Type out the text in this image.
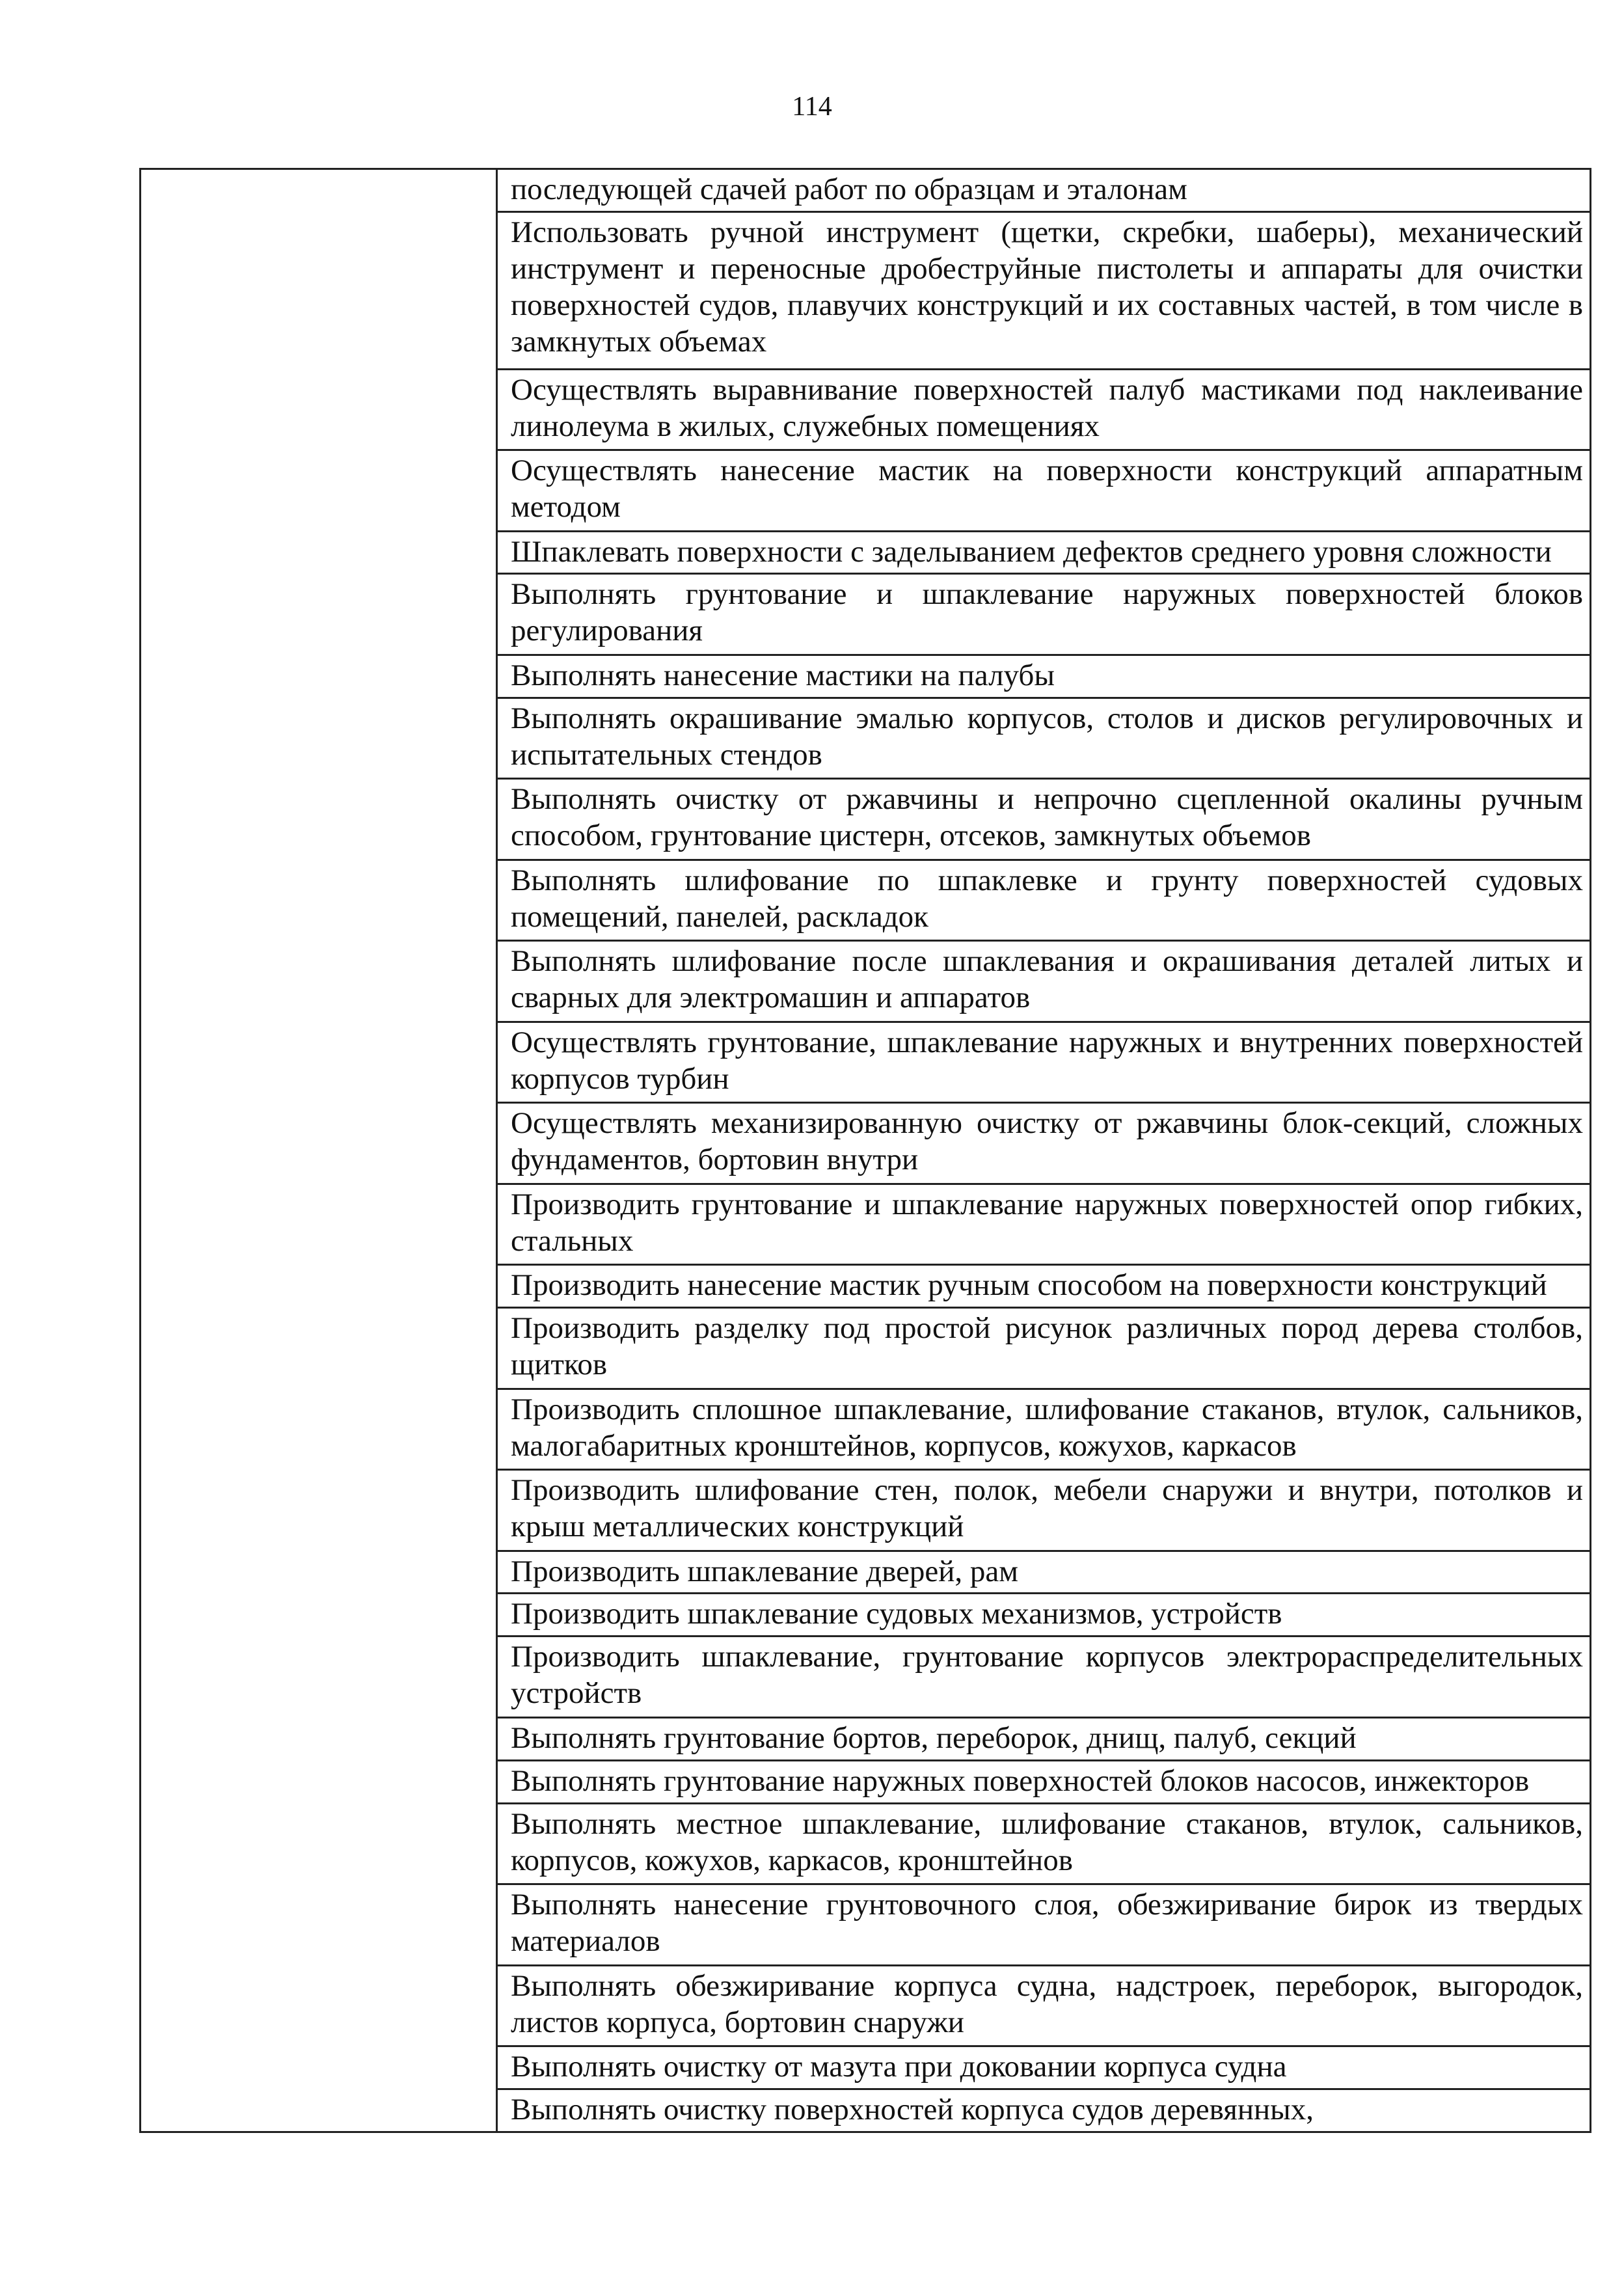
114
	последующей сдачей работ по образцам и эталонам
Использовать ручной инструмент (щетки, скребки, шаберы), механический инструмент и переносные дробеструйные пистолеты и аппараты для очистки поверхностей судов, плавучих конструкций и их составных частей, в том числе в замкнутых объемах
Осуществлять выравнивание поверхностей палуб мастиками под наклеивание линолеума в жилых, служебных помещениях
Осуществлять нанесение мастик на поверхности конструкций аппаратным методом
Шпаклевать поверхности с заделыванием дефектов среднего уровня сложности
Выполнять грунтование и шпаклевание наружных поверхностей блоков регулирования
Выполнять нанесение мастики на палубы
Выполнять окрашивание эмалью корпусов, столов и дисков регулировочных и испытательных стендов
Выполнять очистку от ржавчины и непрочно сцепленной окалины ручным способом, грунтование цистерн, отсеков, замкнутых объемов
Выполнять шлифование по шпаклевке и грунту поверхностей судовых помещений, панелей, раскладок
Выполнять шлифование после шпаклевания и окрашивания деталей литых и сварных для электромашин и аппаратов
Осуществлять грунтование, шпаклевание наружных и внутренних поверхностей корпусов турбин
Осуществлять механизированную очистку от ржавчины блок-секций, сложных фундаментов, бортовин внутри
Производить грунтование и шпаклевание наружных поверхностей опор гибких, стальных
Производить нанесение мастик ручным способом на поверхности конструкций
Производить разделку под простой рисунок различных пород дерева столбов, щитков
Производить сплошное шпаклевание, шлифование стаканов, втулок, сальников, малогабаритных кронштейнов, корпусов, кожухов, каркасов
Производить шлифование стен, полок, мебели снаружи и внутри, потолков и крыш металлических конструкций
Производить шпаклевание дверей, рам
Производить шпаклевание судовых механизмов, устройств
Производить шпаклевание, грунтование корпусов электрораспределительных устройств
Выполнять грунтование бортов, переборок, днищ, палуб, секций
Выполнять грунтование наружных поверхностей блоков насосов, инжекторов
Выполнять местное шпаклевание, шлифование стаканов, втулок, сальников, корпусов, кожухов, каркасов, кронштейнов
Выполнять нанесение грунтовочного слоя, обезжиривание бирок из твердых материалов
Выполнять обезжиривание корпуса судна, надстроек, переборок, выгородок, листов корпуса, бортовин снаружи
Выполнять очистку от мазута при доковании корпуса судна
Выполнять очистку поверхностей корпуса судов деревянных,
